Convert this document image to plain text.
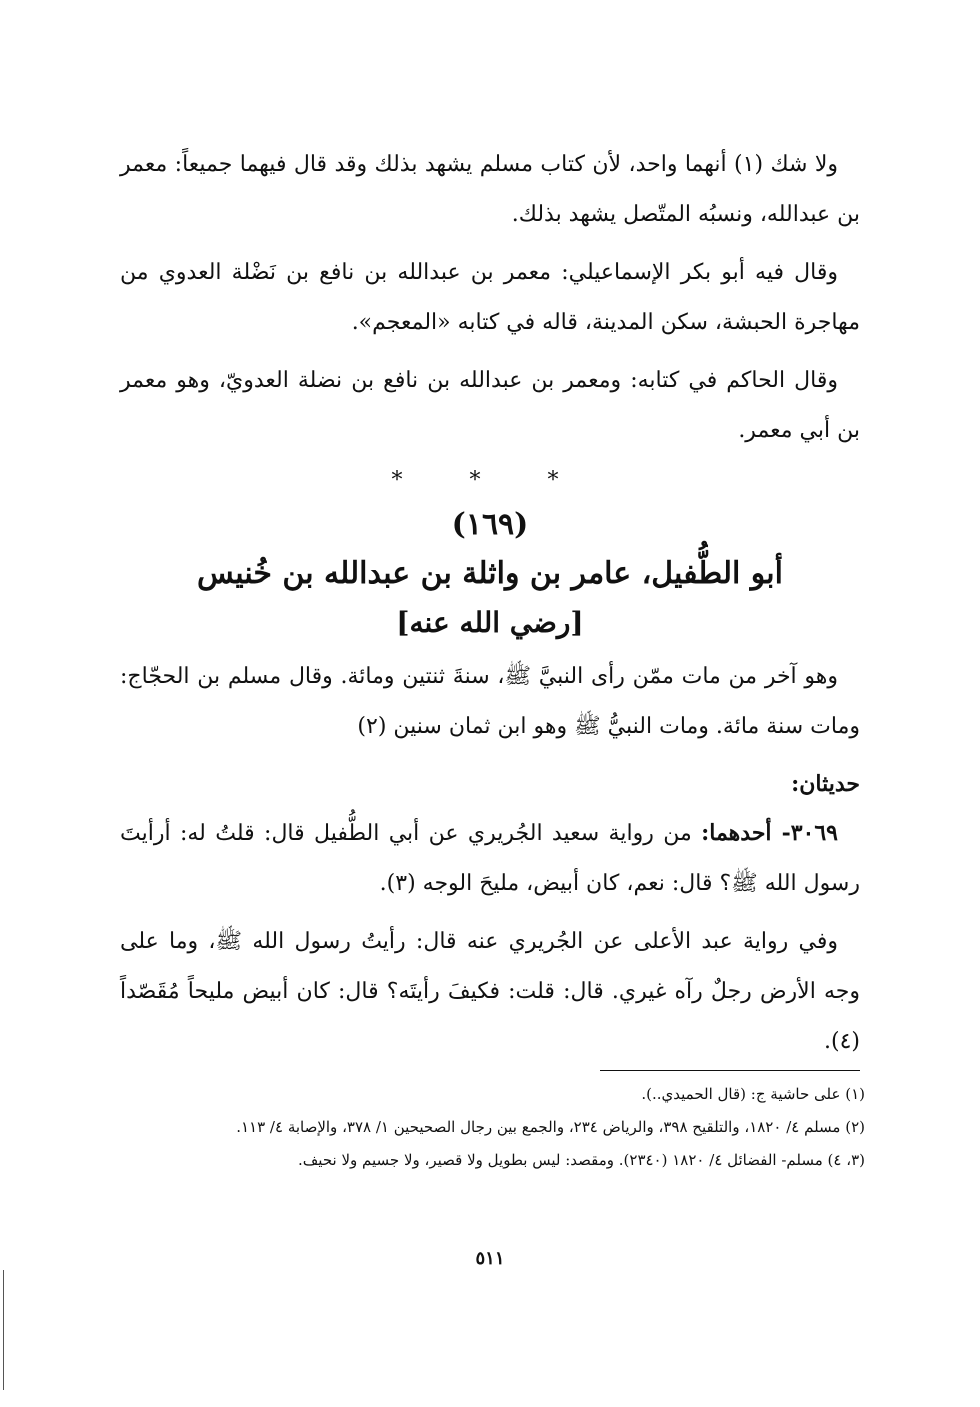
ولا شك (١) أنهما واحد، لأن كتاب مسلم يشهد بذلك وقد قال فيهما جميعاً: معمر بن عبدالله، ونسبُه المتّصل يشهد بذلك.

وقال فيه أبو بكر الإسماعيلي: معمر بن عبدالله بن نافع بن نَضْلة العدوي من مهاجرة الحبشة، سكن المدينة، قاله في كتابه «المعجم».

وقال الحاكم في كتابه: ومعمر بن عبدالله بن نافع بن نضلة العدويّ، وهو معمر بن أبي معمر.

* * *
(١٦٩)
أبو الطُّفيل، عامر بن واثلة بن عبدالله بن خُنيس
[رضي الله عنه]

وهو آخر من مات ممّن رأى النبيَّ ﷺ، سنةَ ثنتين ومائة. وقال مسلم بن الحجّاج: ومات سنة مائة. ومات النبيُّ ﷺ وهو ابن ثمان سنين (٢)

حديثان:

٣٠٦٩- أحدهما: من رواية سعيد الجُريري عن أبي الطُّفيل قال: قلتُ له: أرأيتَ رسول الله ﷺ؟ قال: نعم، كان أبيض، مليحَ الوجه (٣).

وفي رواية عبد الأعلى عن الجُريري عنه قال: رأيتُ رسول الله ﷺ، وما على وجه الأرض رجلٌ رآه غيري. قال: قلت: فكيفَ رأيتَه؟ قال: كان أبيض مليحاً مُقَصّداً (٤).

(١) على حاشية ج: (قال الحميدي..).

(٢) مسلم ٤/ ١٨٢٠، والتلقيح ٣٩٨، والرياض ٢٣٤، والجمع بين رجال الصحيحين ١/ ٣٧٨، والإصابة ٤/ ١١٣.

(٣، ٤) مسلم- الفضائل ٤/ ١٨٢٠ (٢٣٤٠). ومقصد: ليس بطويل ولا قصير، ولا جسيم ولا نحيف.

٥١١
